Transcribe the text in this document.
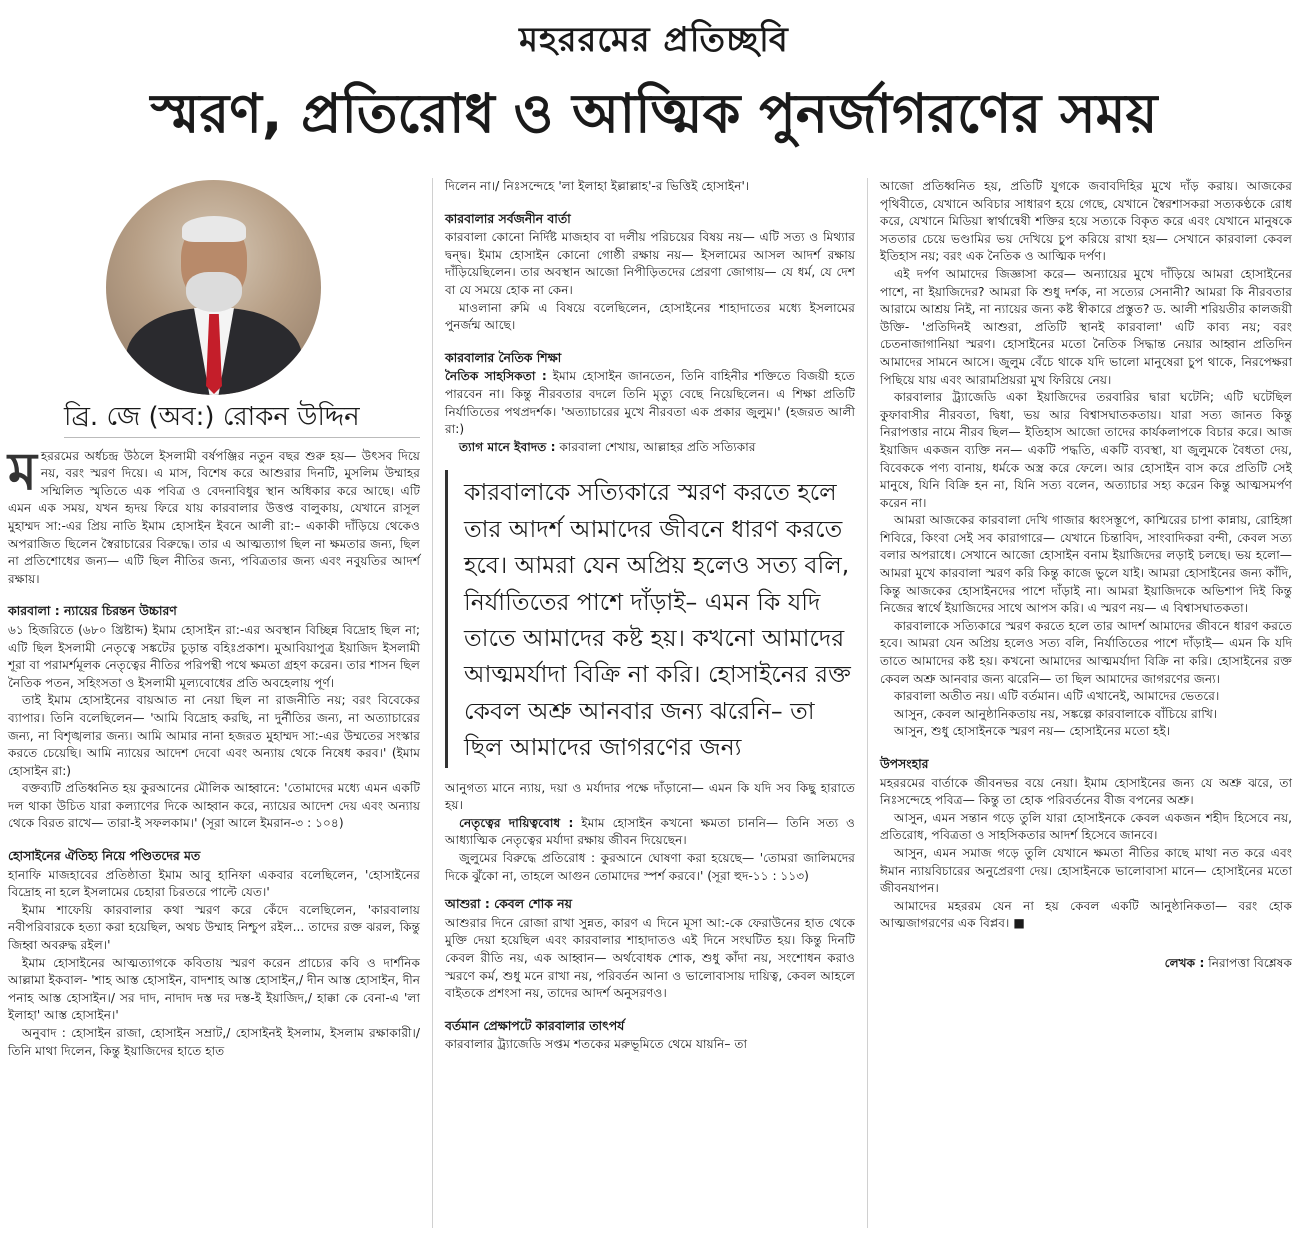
মহররমের প্রতিচ্ছবি
স্মরণ, প্রতিরোধ ও আত্মিক পুনর্জাগরণের সময়
ব্রি. জে (অব:) রোকন উদ্দিন

মহররমের অর্ধচন্দ্র উঠলে ইসলামী বর্ষপঞ্জির নতুন বছর শুরু হয়— উৎসব দিয়ে নয়, বরং স্মরণ দিয়ে। এ মাস, বিশেষ করে আশুরার দিনটি, মুসলিম উম্মাহর সম্মিলিত স্মৃতিতে এক পবিত্র ও বেদনাবিধুর স্থান অধিকার করে আছে। এটি এমন এক সময়, যখন হৃদয় ফিরে যায় কারবালার উত্তপ্ত বালুকায়, যেখানে রাসূল মুহাম্মদ সা:-এর প্রিয় নাতি ইমাম হোসাইন ইবনে আলী রা:– একাকী দাঁড়িয়ে থেকেও অপরাজিত ছিলেন স্বৈরাচারের বিরুদ্ধে। তার এ আত্মত্যাগ ছিল না ক্ষমতার জন্য, ছিল না প্রতিশোধের জন্য— এটি ছিল নীতির জন্য, পবিত্রতার জন্য এবং নবুয়তির আদর্শ রক্ষায়।

কারবালা : ন্যায়ের চিরন্তন উচ্চারণ

৬১ হিজরিতে (৬৮০ খ্রিষ্টাব্দ) ইমাম হোসাইন রা:-এর অবস্থান বিচ্ছিন্ন বিদ্রোহ ছিল না; এটি ছিল ইসলামী নেতৃত্বে সঙ্কটের চূড়ান্ত বহিঃপ্রকাশ। মুআবিয়াপুত্র ইয়াজিদ ইসলামী শূরা বা পরামর্শমূলক নেতৃত্বের নীতির পরিপন্থী পথে ক্ষমতা গ্রহণ করেন। তার শাসন ছিল নৈতিক পতন, সহিংসতা ও ইসলামী মূল্যবোধের প্রতি অবহেলায় পূর্ণ।

তাই ইমাম হোসাইনের বায়আত না নেয়া ছিল না রাজনীতি নয়; বরং বিবেকের ব্যাপার। তিনি বলেছিলেন— 'আমি বিদ্রোহ করছি, না দুর্নীতির জন্য, না অত্যাচারের জন্য, না বিশৃঙ্খলার জন্য। আমি আমার নানা হজরত মুহাম্মদ সা:-এর উম্মতের সংস্কার করতে চেয়েছি। আমি ন্যায়ের আদেশ দেবো এবং অন্যায় থেকে নিষেধ করব।' (ইমাম হোসাইন রা:)

বক্তব্যটি প্রতিধ্বনিত হয় কুরআনের মৌলিক আহ্বানে: 'তোমাদের মধ্যে এমন একটি দল থাকা উচিত যারা কল্যাণের দিকে আহ্বান করে, ন্যায়ের আদেশ দেয় এবং অন্যায় থেকে বিরত রাখে— তারা-ই সফলকাম।' (সূরা আলে ইমরান-৩ : ১০৪)

হোসাইনের ঐতিহ্য নিয়ে পণ্ডিতদের মত

হানাফি মাজহাবের প্রতিষ্ঠাতা ইমাম আবু হানিফা একবার বলেছিলেন, 'হোসাইনের বিদ্রোহ না হলে ইসলামের চেহারা চিরতরে পাল্টে যেত।'

ইমাম শাফেয়ি কারবালার কথা স্মরণ করে কেঁদে বলেছিলেন, 'কারবালায় নবীপরিবারকে হত্যা করা হয়েছিল, অথচ উম্মাহ নিশ্চুপ রইল... তাদের রক্ত ঝরল, কিন্তু জিহ্বা অবরুদ্ধ রইল।'

ইমাম হোসাইনের আত্মত্যাগকে কবিতায় স্মরণ করেন প্রাচ্যের কবি ও দার্শনিক আল্লামা ইকবাল- 'শাহ আস্ত হোসাইন, বাদশাহ আস্ত হোসাইন,/ দীন আস্ত হোসাইন, দীন পনাহ আস্ত হোসাইন।/ সর দাদ, নাদাদ দস্ত দর দস্ত-ই ইয়াজিদ,/ হাক্কা কে বেনা-এ 'লা ইলাহা' আস্ত হোসাইন।'

অনুবাদ : হোসাইন রাজা, হোসাইন সম্রাট,/ হোসাইনই ইসলাম, ইসলাম রক্ষাকারী।/ তিনি মাথা দিলেন, কিন্তু ইয়াজিদের হাতে হাত

দিলেন না।/ নিঃসন্দেহে 'লা ইলাহা ইল্লাল্লাহ'-র ভিত্তিই হোসাইন'।

কারবালার সর্বজনীন বার্তা

কারবালা কোনো নির্দিষ্ট মাজহাব বা দলীয় পরিচয়ের বিষয় নয়— এটি সত্য ও মিথ্যার দ্বন্দ্ব। ইমাম হোসাইন কোনো গোষ্ঠী রক্ষায় নয়— ইসলামের আসল আদর্শ রক্ষায় দাঁড়িয়েছিলেন। তার অবস্থান আজো নিপীড়িতদের প্রেরণা জোগায়— যে ধর্ম, যে দেশ বা যে সময়ে হোক না কেন।

মাওলানা রুমি এ বিষয়ে বলেছিলেন, হোসাইনের শাহাদাতের মধ্যে ইসলামের পুনর্জন্ম আছে।

কারবালার নৈতিক শিক্ষা

নৈতিক সাহসিকতা : ইমাম হোসাইন জানতেন, তিনি বাহিনীর শক্তিতে বিজয়ী হতে পারবেন না। কিন্তু নীরবতার বদলে তিনি মৃত্যু বেছে নিয়েছিলেন। এ শিক্ষা প্রতিটি নির্যাতিতের পথপ্রদর্শক। 'অত্যাচারের মুখে নীরবতা এক প্রকার জুলুম।' (হজরত আলী রা:)

ত্যাগ মানে ইবাদত : কারবালা শেখায়, আল্লাহর প্রতি সত্যিকার

কারবালাকে সত্যিকারে স্মরণ করতে হলে তার আদর্শ আমাদের জীবনে ধারণ করতে হবে। আমরা যেন অপ্রিয় হলেও সত্য বলি, নির্যাতিতের পাশে দাঁড়াই– এমন কি যদি তাতে আমাদের কষ্ট হয়। কখনো আমাদের আত্মমর্যাদা বিক্রি না করি। হোসাইনের রক্ত কেবল অশ্রু আনবার জন্য ঝরেনি– তা ছিল আমাদের জাগরণের জন্য

আনুগত্য মানে ন্যায়, দয়া ও মর্যাদার পক্ষে দাঁড়ানো— এমন কি যদি সব কিছু হারাতে হয়।

নেতৃত্বের দায়িত্ববোধ : ইমাম হোসাইন কখনো ক্ষমতা চাননি— তিনি সত্য ও আধ্যাত্মিক নেতৃত্বের মর্যাদা রক্ষায় জীবন দিয়েছেন।

জুলুমের বিরুদ্ধে প্রতিরোধ : কুরআনে ঘোষণা করা হয়েছে— 'তোমরা জালিমদের দিকে ঝুঁকো না, তাহলে আগুন তোমাদের স্পর্শ করবে।' (সূরা হুদ-১১ : ১১৩)

আশুরা : কেবল শোক নয়

আশুরার দিনে রোজা রাখা সুন্নত, কারণ এ দিনে মূসা আ:-কে ফেরাউনের হাত থেকে মুক্তি দেয়া হয়েছিল এবং কারবালার শাহাদাতও এই দিনে সংঘটিত হয়। কিন্তু দিনটি কেবল রীতি নয়, এক আহ্বান— অর্থবোধক শোক, শুধু কাঁদা নয়, সংশোধন করাও স্মরণে কর্ম, শুধু মনে রাখা নয়, পরিবর্তন আনা ও ভালোবাসায় দায়িত্ব, কেবল আহলে বাইতকে প্রশংসা নয়, তাদের আদর্শ অনুসরণও।

বর্তমান প্রেক্ষাপটে কারবালার তাৎপর্য

কারবালার ট্র্যাজেডি সপ্তম শতকের মরুভূমিতে থেমে যায়নি– তা

আজো প্রতিধ্বনিত হয়, প্রতিটি যুগকে জবাবদিহির মুখে দাঁড় করায়। আজকের পৃথিবীতে, যেখানে অবিচার সাধারণ হয়ে গেছে, যেখানে স্বৈরশাসকরা সত্যকণ্ঠকে রোধ করে, যেখানে মিডিয়া স্বার্থান্বেষী শক্তির হয়ে সত্যকে বিকৃত করে এবং যেখানে মানুষকে সততার চেয়ে ভণ্ডামির ভয় দেখিয়ে চুপ করিয়ে রাখা হয়— সেখানে কারবালা কেবল ইতিহাস নয়; বরং এক নৈতিক ও আত্মিক দর্পণ।

এই দর্পণ আমাদের জিজ্ঞাসা করে— অন্যায়ের মুখে দাঁড়িয়ে আমরা হোসাইনের পাশে, না ইয়াজিদের? আমরা কি শুধু দর্শক, না সত্যের সেনানী? আমরা কি নীরবতার আরামে আশ্রয় নিই, না ন্যায়ের জন্য কষ্ট স্বীকারে প্রস্তুত? ড. আলী শরিয়তীর কালজয়ী উক্তি- 'প্রতিদিনই আশুরা, প্রতিটি স্থানই কারবালা' এটি কাব্য নয়; বরং চেতনাজাগানিয়া স্মরণ। হোসাইনের মতো নৈতিক সিদ্ধান্ত নেয়ার আহ্বান প্রতিদিন আমাদের সামনে আসে। জুলুম বেঁচে থাকে যদি ভালো মানুষেরা চুপ থাকে, নিরপেক্ষরা পিছিয়ে যায় এবং আরামপ্রিয়রা মুখ ফিরিয়ে নেয়।

কারবালার ট্র্যাজেডি একা ইয়াজিদের তরবারির দ্বারা ঘটেনি; এটি ঘটেছিল কুফাবাসীর নীরবতা, দ্বিধা, ভয় আর বিশ্বাসঘাতকতায়। যারা সত্য জানত কিন্তু নিরাপত্তার নামে নীরব ছিল— ইতিহাস আজো তাদের কার্যকলাপকে বিচার করে। আজ ইয়াজিদ একজন ব্যক্তি নন— একটি পদ্ধতি, একটি ব্যবস্থা, যা জুলুমকে বৈধতা দেয়, বিবেককে পণ্য বানায়, ধর্মকে অস্ত্র করে ফেলে। আর হোসাইন বাস করে প্রতিটি সেই মানুষে, যিনি বিক্রি হন না, যিনি সত্য বলেন, অত্যাচার সহ্য করেন কিন্তু আত্মসমর্পণ করেন না।

আমরা আজকের কারবালা দেখি গাজার ধ্বংসস্তূপে, কাশ্মিরের চাপা কান্নায়, রোহিঙ্গা শিবিরে, কিংবা সেই সব কারাগারে— যেখানে চিন্তাবিদ, সাংবাদিকরা বন্দী, কেবল সত্য বলার অপরাধে। সেখানে আজো হোসাইন বনাম ইয়াজিদের লড়াই চলছে। ভয় হলো— আমরা মুখে কারবালা স্মরণ করি কিন্তু কাজে ভুলে যাই। আমরা হোসাইনের জন্য কাঁদি, কিন্তু আজকের হোসাইনদের পাশে দাঁড়াই না। আমরা ইয়াজিদকে অভিশাপ দিই কিন্তু নিজের স্বার্থে ইয়াজিদের সাথে আপস করি। এ স্মরণ নয়— এ বিশ্বাসঘাতকতা।

কারবালাকে সত্যিকারে স্মরণ করতে হলে তার আদর্শ আমাদের জীবনে ধারণ করতে হবে। আমরা যেন অপ্রিয় হলেও সত্য বলি, নির্যাতিতের পাশে দাঁড়াই— এমন কি যদি তাতে আমাদের কষ্ট হয়। কখনো আমাদের আত্মমর্যাদা বিক্রি না করি। হোসাইনের রক্ত কেবল অশ্রু আনবার জন্য ঝরেনি— তা ছিল আমাদের জাগরণের জন্য।

কারবালা অতীত নয়। এটি বর্তমান। এটি এখানেই, আমাদের ভেতরে।

আসুন, কেবল আনুষ্ঠানিকতায় নয়, সঙ্কল্পে কারবালাকে বাঁচিয়ে রাখি।

আসুন, শুধু হোসাইনকে স্মরণ নয়— হোসাইনের মতো হই।

উপসংহার

মহররমের বার্তাকে জীবনভর বয়ে নেয়া। ইমাম হোসাইনের জন্য যে অশ্রু ঝরে, তা নিঃসন্দেহে পবিত্র— কিন্তু তা হোক পরিবর্তনের বীজ বপনের অশ্রু।

আসুন, এমন সন্তান গড়ে তুলি যারা হোসাইনকে কেবল একজন শহীদ হিসেবে নয়, প্রতিরোধ, পবিত্রতা ও সাহসিকতার আদর্শ হিসেবে জানবে।

আসুন, এমন সমাজ গড়ে তুলি যেখানে ক্ষমতা নীতির কাছে মাথা নত করে এবং ঈমান ন্যায়বিচারের অনুপ্রেরণা দেয়। হোসাইনকে ভালোবাসা মানে— হোসাইনের মতো জীবনযাপন।

আমাদের মহররম যেন না হয় কেবল একটি আনুষ্ঠানিকতা— বরং হোক আত্মজাগরণের এক বিপ্লব। ■

লেখক : নিরাপত্তা বিশ্লেষক
